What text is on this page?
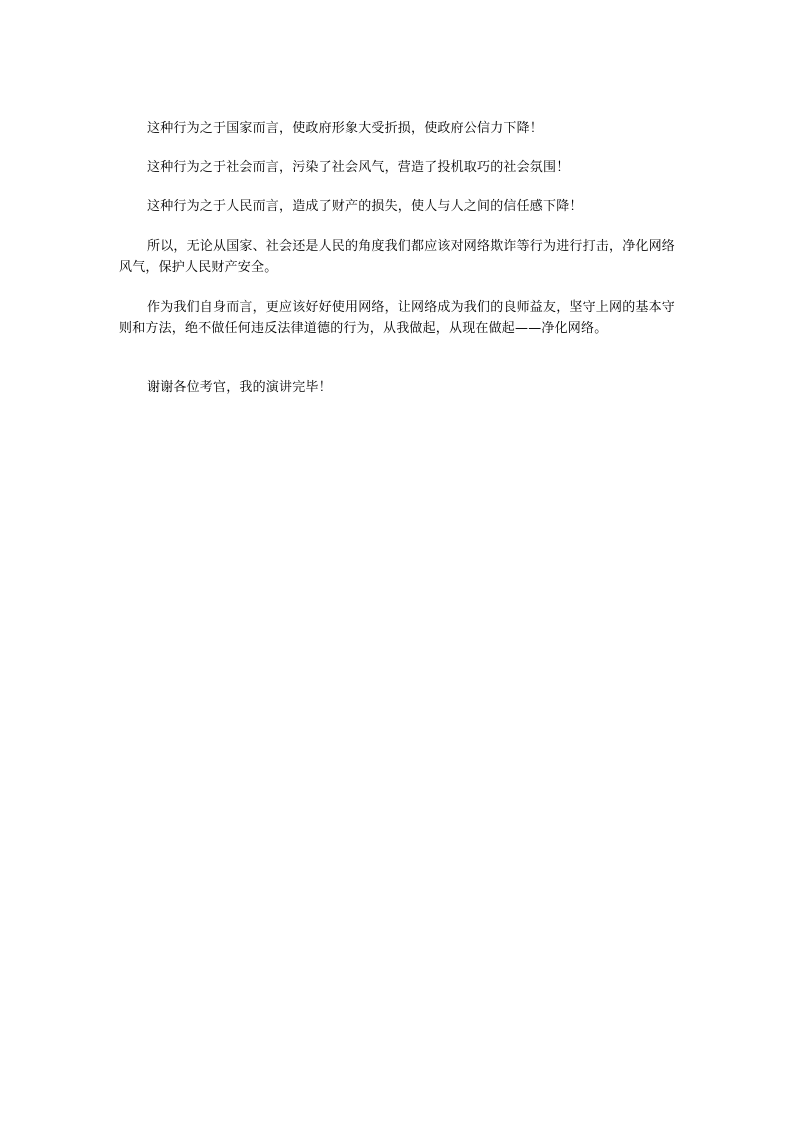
这种行为之于国家而言，使政府形象大受折损，使政府公信力下降！

这种行为之于社会而言，污染了社会风气，营造了投机取巧的社会氛围！

这种行为之于人民而言，造成了财产的损失，使人与人之间的信任感下降！

所以，无论从国家、社会还是人民的角度我们都应该对网络欺诈等行为进行打击，净化网络风气，保护人民财产安全。

作为我们自身而言，更应该好好使用网络，让网络成为我们的良师益友，坚守上网的基本守则和方法，绝不做任何违反法律道德的行为，从我做起，从现在做起——净化网络。

谢谢各位考官，我的演讲完毕！
